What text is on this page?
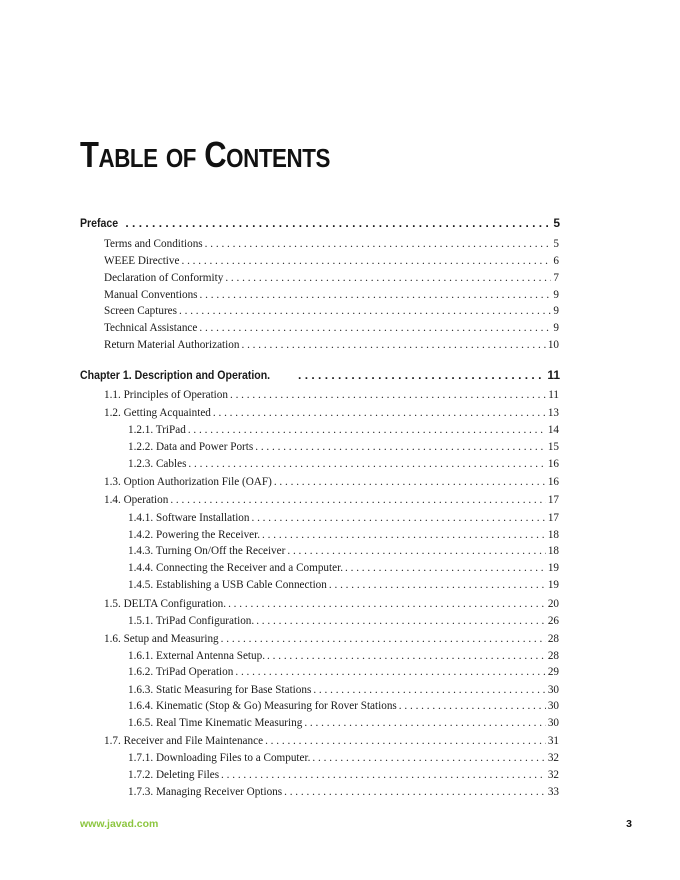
TABLE OF CONTENTS
Preface . . .	5
Terms and Conditions . . .	5
WEEE Directive . . .	6
Declaration of Conformity . . .	7
Manual Conventions . . .	9
Screen Captures . . .	9
Technical Assistance . . .	9
Return Material Authorization . . .	10
Chapter 1. Description and Operation. . . .	11
1.1. Principles of Operation . . .	11
1.2. Getting Acquainted . . .	13
1.2.1. TriPad . . .	14
1.2.2. Data and Power Ports . . .	15
1.2.3. Cables . . .	16
1.3. Option Authorization File (OAF) . . .	16
1.4. Operation . . .	17
1.4.1. Software Installation . . .	17
1.4.2. Powering the Receiver. . . .	18
1.4.3. Turning On/Off the Receiver . . .	18
1.4.4. Connecting the Receiver and a Computer. . . .	19
1.4.5. Establishing a USB Cable Connection . . .	19
1.5. DELTA Configuration. . . .	20
1.5.1. TriPad Configuration. . . .	26
1.6. Setup and Measuring . . .	28
1.6.1. External Antenna Setup. . . .	28
1.6.2. TriPad Operation . . .	29
1.6.3. Static Measuring for Base Stations . . .	30
1.6.4. Kinematic (Stop & Go) Measuring for Rover Stations . . .	30
1.6.5. Real Time Kinematic Measuring . . .	30
1.7. Receiver and File Maintenance . . .	31
1.7.1. Downloading Files to a Computer. . . .	32
1.7.2. Deleting Files . . .	32
1.7.3. Managing Receiver Options . . .	33
www.javad.com	3
